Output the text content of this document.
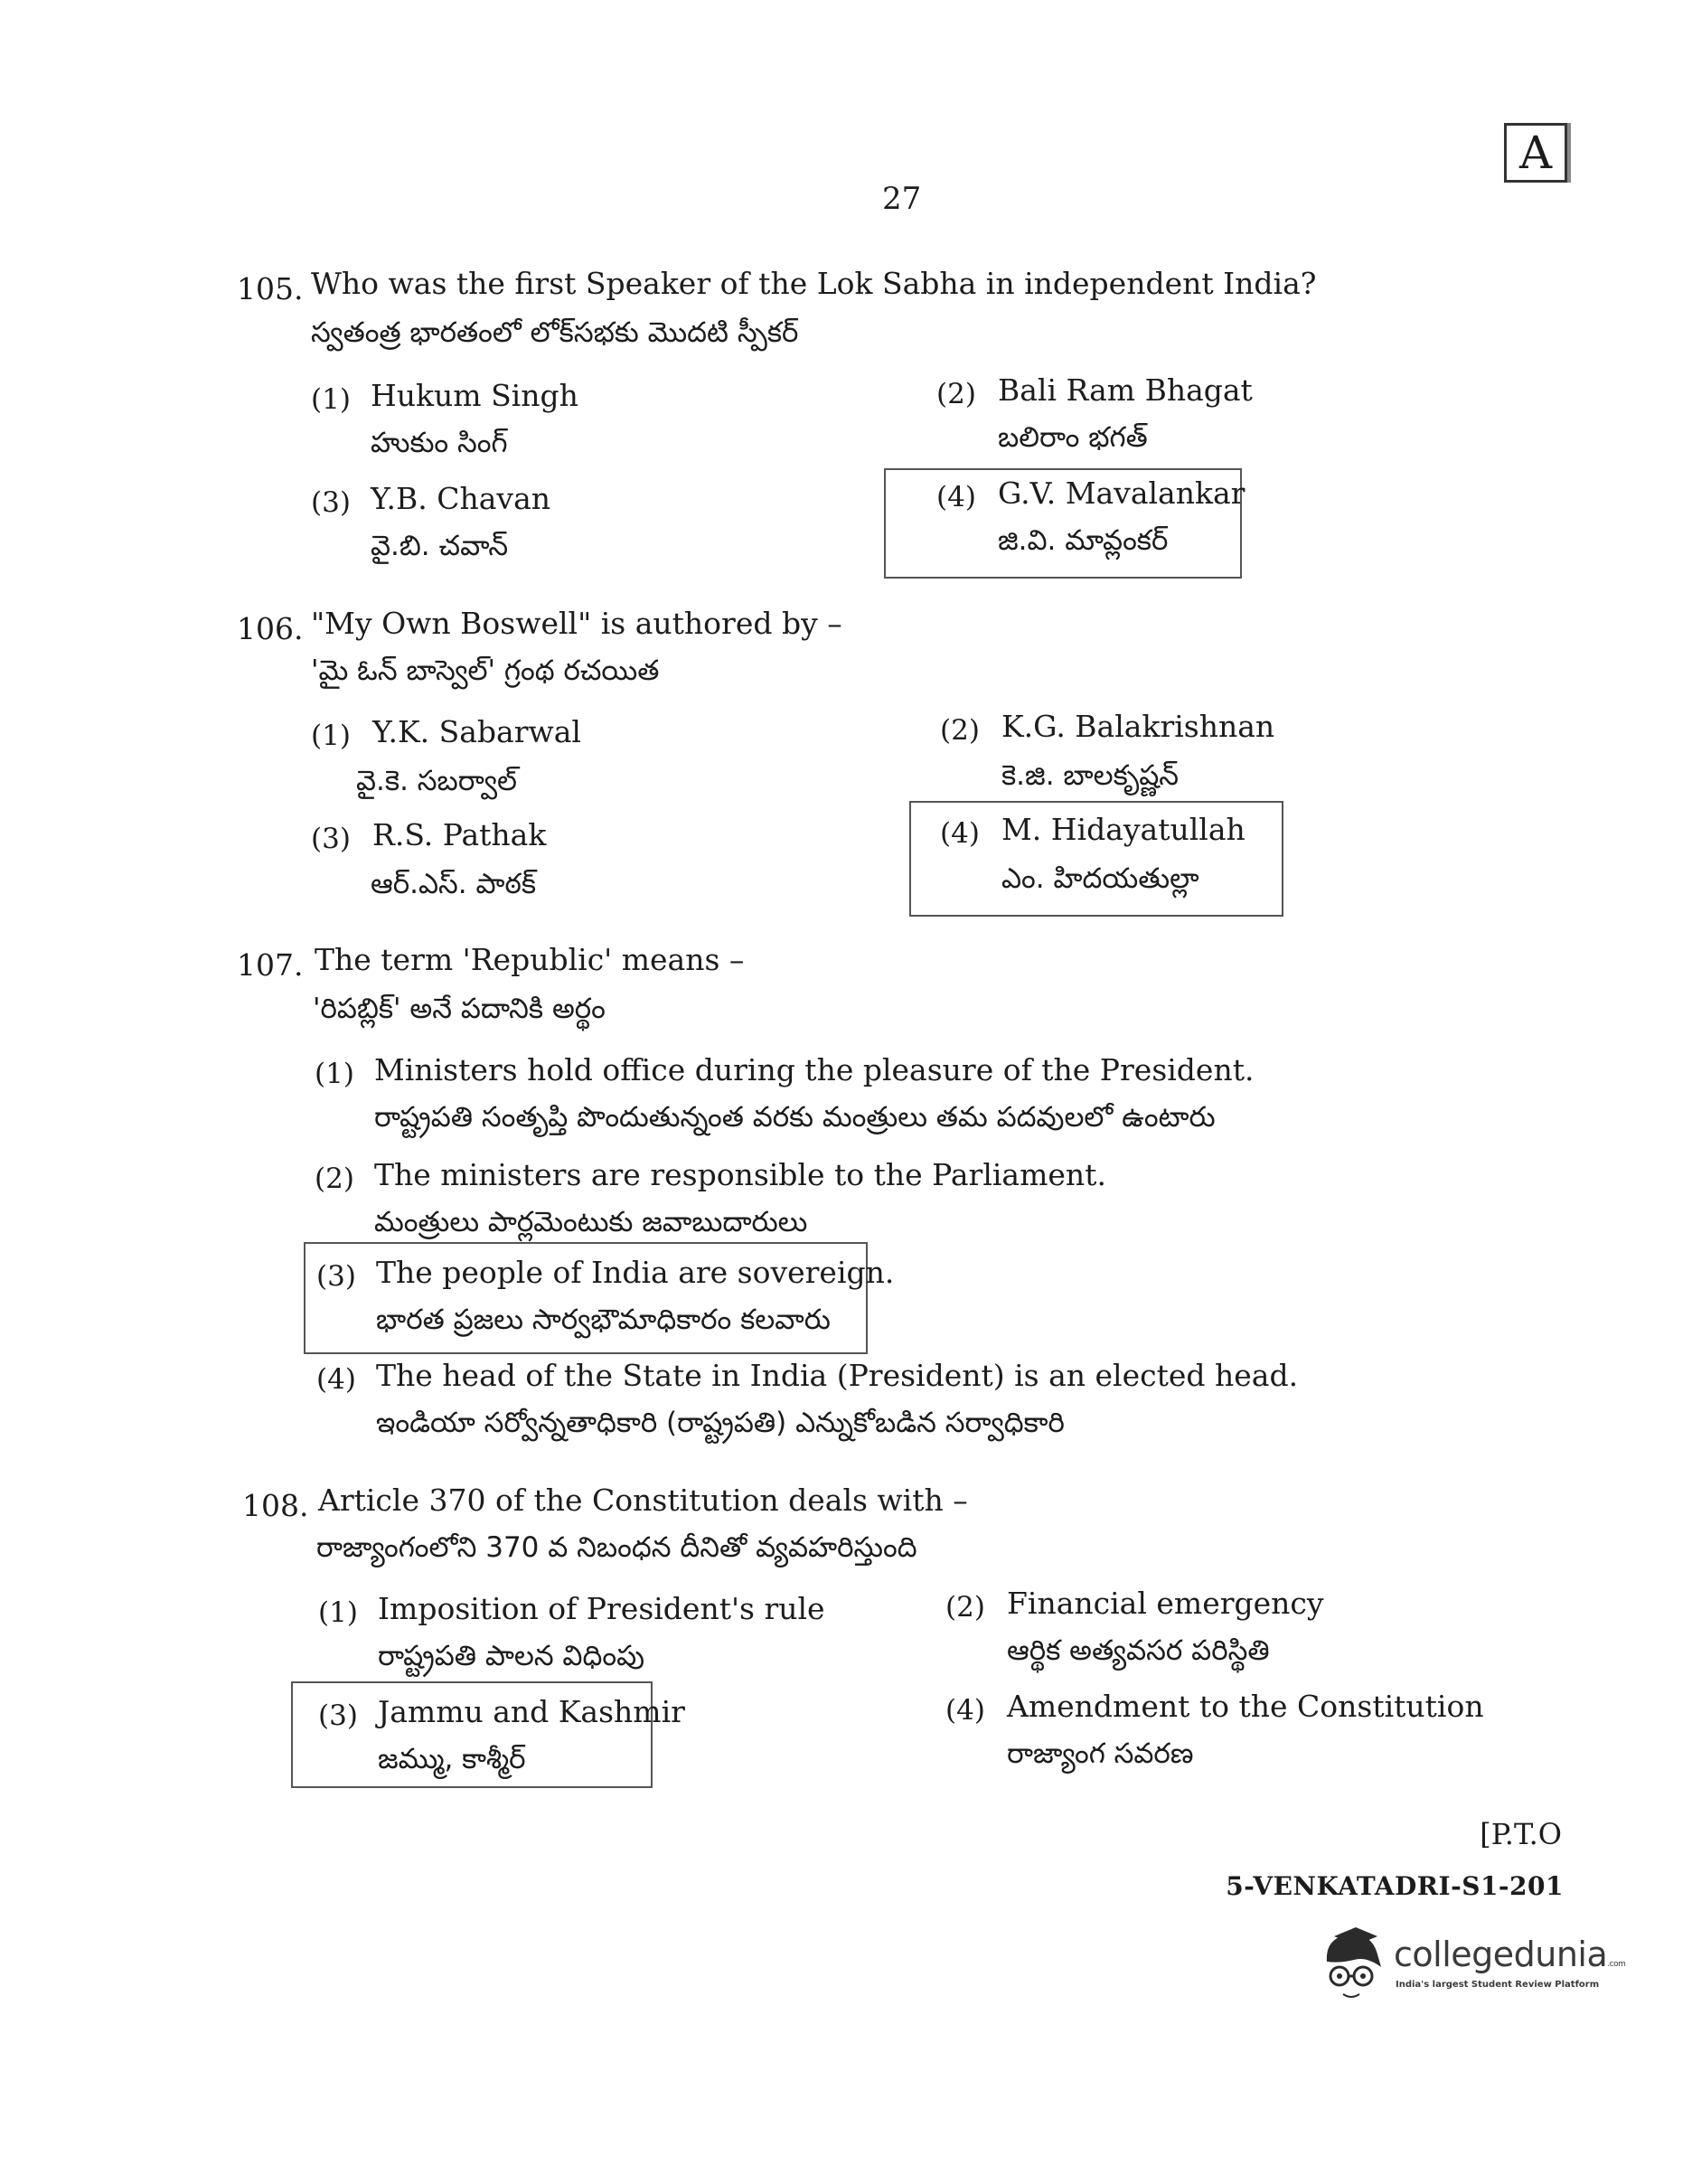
A
27
105. Who was the first Speaker of the Lok Sabha in independent India?
స్వతంత్ర భారతంలో లోక్‌సభకు మొదటి స్పీకర్
(1) Hukum Singh
హుకుం సింగ్
(2) Bali Ram Bhagat
బలిరాం భగత్
(3) Y.B. Chavan
వై.బి. చవాన్
(4) G.V. Mavalankar
జి.వి. మావ్లంకర్
106. "My Own Boswell" is authored by –
'మై ఓన్ బాస్వెల్' గ్రంథ రచయిత
(1) Y.K. Sabarwal
వై.కె. సబర్వాల్
(2) K.G. Balakrishnan
కె.జి. బాలకృష్ణన్
(3) R.S. Pathak
ఆర్.ఎస్. పాఠక్
(4) M. Hidayatullah
ఎం. హిదయతుల్లా
107. The term 'Republic' means –
'రిపబ్లిక్' అనే పదానికి అర్థం
(1) Ministers hold office during the pleasure of the President.
రాష్ట్రపతి సంతృప్తి పొందుతున్నంత వరకు మంత్రులు తమ పదవులలో ఉంటారు
(2) The ministers are responsible to the Parliament.
మంత్రులు పార్లమెంటుకు జవాబుదారులు
(3) The people of India are sovereign.
భారత ప్రజలు సార్వభౌమాధికారం కలవారు
(4) The head of the State in India (President) is an elected head.
ఇండియా సర్వోన్నతాధికారి (రాష్ట్రపతి) ఎన్నుకోబడిన సర్వాధికారి
108. Article 370 of the Constitution deals with –
రాజ్యాంగంలోని 370 వ నిబంధన దీనితో వ్యవహరిస్తుంది
(1) Imposition of President's rule
రాష్ట్రపతి పాలన విధింపు
(2) Financial emergency
ఆర్థిక అత్యవసర పరిస్థితి
(3) Jammu and Kashmir
జమ్ము, కాశ్మీర్
(4) Amendment to the Constitution
రాజ్యాంగ సవరణ
[P.T.O
5-VENKATADRI-S1-201
collegedunia.com
India's largest Student Review Platform
